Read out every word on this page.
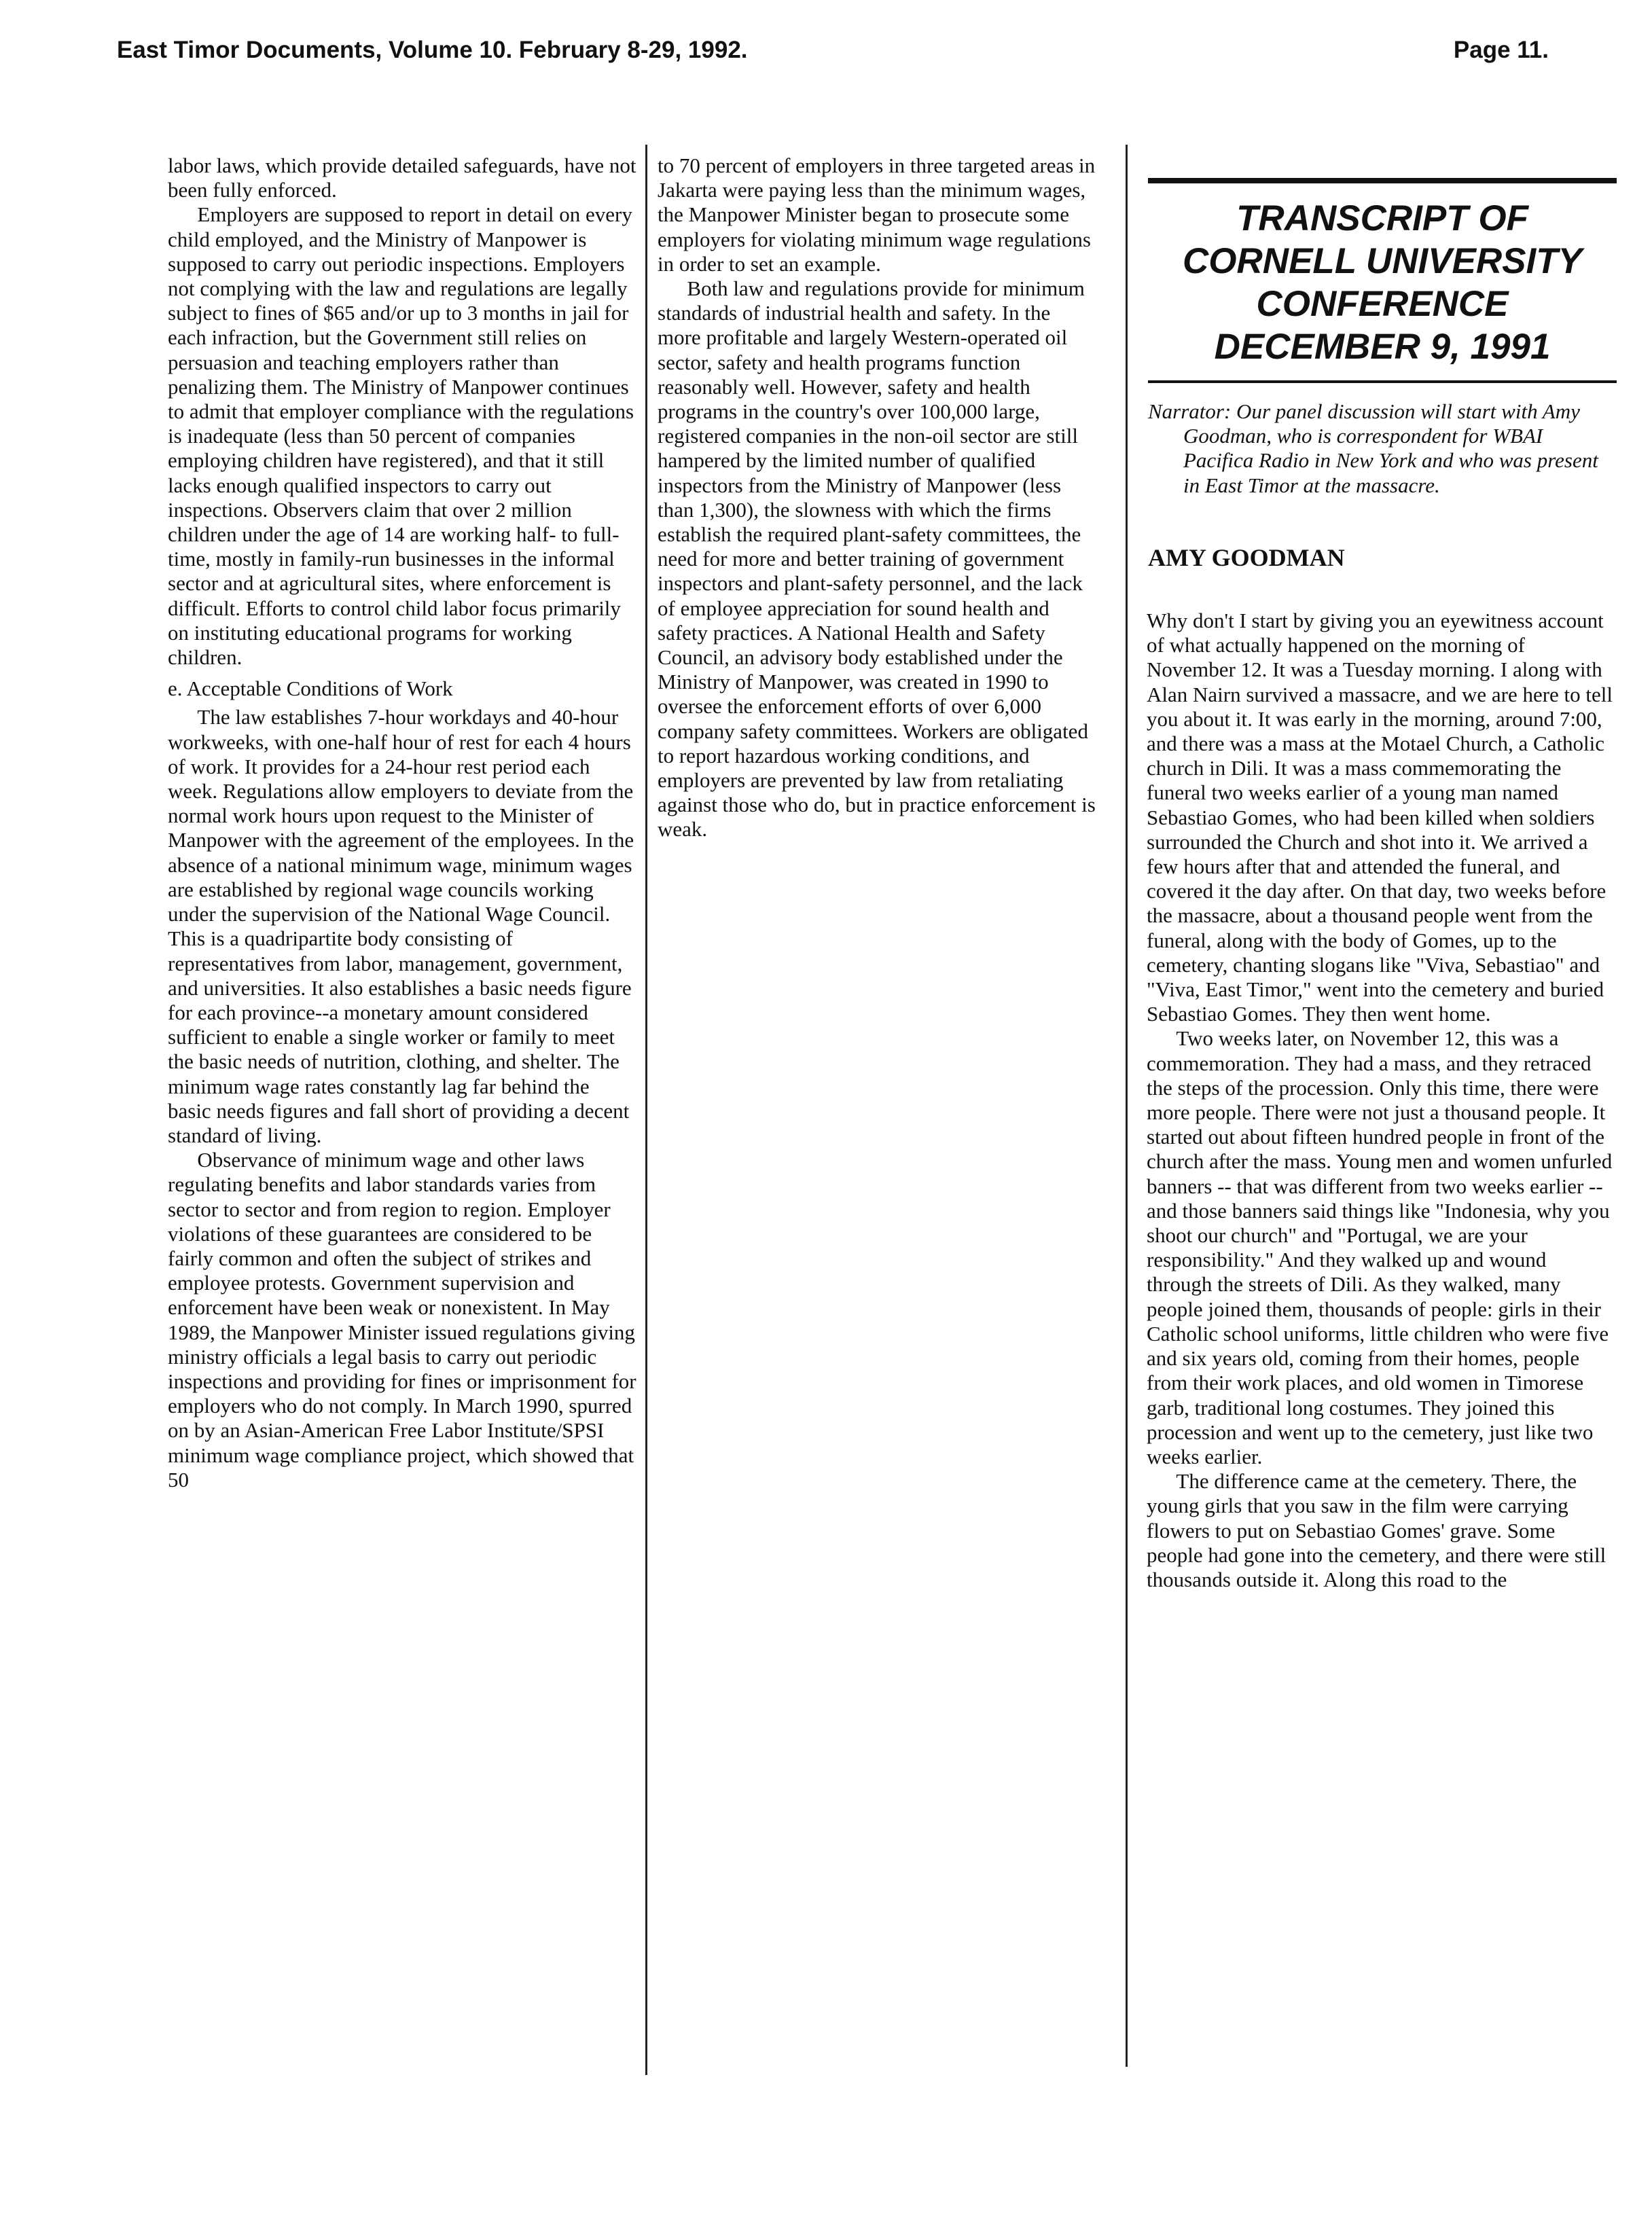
East Timor Documents, Volume 10. February 8-29, 1992.	Page 11.

labor laws, which provide detailed safeguards, have not been fully enforced.

Employers are supposed to report in detail on every child employed, and the Ministry of Manpower is supposed to carry out periodic inspections. Employers not complying with the law and regulations are legally subject to fines of $65 and/or up to 3 months in jail for each infraction, but the Government still relies on persuasion and teaching employers rather than penalizing them. The Ministry of Manpower continues to admit that employer compliance with the regulations is inadequate (less than 50 percent of companies employing children have registered), and that it still lacks enough qualified inspectors to carry out inspections. Observers claim that over 2 million children under the age of 14 are working half- to full-time, mostly in family-run businesses in the informal sector and at agricultural sites, where enforcement is difficult. Efforts to control child labor focus primarily on instituting educational programs for working children.

e. Acceptable Conditions of Work

The law establishes 7-hour workdays and 40-hour workweeks, with one-half hour of rest for each 4 hours of work. It provides for a 24-hour rest period each week. Regulations allow employers to deviate from the normal work hours upon request to the Minister of Manpower with the agreement of the employees. In the absence of a national minimum wage, minimum wages are established by regional wage councils working under the supervision of the National Wage Council. This is a quadripartite body consisting of representatives from labor, management, government, and universities. It also establishes a basic needs figure for each province--a monetary amount considered sufficient to enable a single worker or family to meet the basic needs of nutrition, clothing, and shelter. The minimum wage rates constantly lag far behind the basic needs figures and fall short of providing a decent standard of living.

Observance of minimum wage and other laws regulating benefits and labor standards varies from sector to sector and from region to region. Employer violations of these guarantees are considered to be fairly common and often the subject of strikes and employee protests. Government supervision and enforcement have been weak or nonexistent. In May 1989, the Manpower Minister issued regulations giving ministry officials a legal basis to carry out periodic inspections and providing for fines or imprisonment for employers who do not comply. In March 1990, spurred on by an Asian-American Free Labor Institute/SPSI minimum wage compliance project, which showed that 50

to 70 percent of employers in three targeted areas in Jakarta were paying less than the minimum wages, the Manpower Minister began to prosecute some employers for violating minimum wage regulations in order to set an example.

Both law and regulations provide for minimum standards of industrial health and safety. In the more profitable and largely Western-operated oil sector, safety and health programs function reasonably well. However, safety and health programs in the country's over 100,000 large, registered companies in the non-oil sector are still hampered by the limited number of qualified inspectors from the Ministry of Manpower (less than 1,300), the slowness with which the firms establish the required plant-safety committees, the need for more and better training of government inspectors and plant-safety personnel, and the lack of employee appreciation for sound health and safety practices. A National Health and Safety Council, an advisory body established under the Ministry of Manpower, was created in 1990 to oversee the enforcement efforts of over 6,000 company safety committees. Workers are obligated to report hazardous working conditions, and employers are prevented by law from retaliating against those who do, but in practice enforcement is weak.

TRANSCRIPT OF
CORNELL UNIVERSITY
CONFERENCE
DECEMBER 9, 1991

Narrator: Our panel discussion will start with Amy Goodman, who is correspondent for WBAI Pacifica Radio in New York and who was present in East Timor at the massacre.

AMY GOODMAN

Why don't I start by giving you an eyewitness account of what actually happened on the morning of November 12. It was a Tuesday morning. I along with Alan Nairn survived a massacre, and we are here to tell you about it. It was early in the morning, around 7:00, and there was a mass at the Motael Church, a Catholic church in Dili. It was a mass commemorating the funeral two weeks earlier of a young man named Sebastiao Gomes, who had been killed when soldiers surrounded the Church and shot into it. We arrived a few hours after that and attended the funeral, and covered it the day after. On that day, two weeks before the massacre, about a thousand people went from the funeral, along with the body of Gomes, up to the cemetery, chanting slogans like "Viva, Sebastiao" and "Viva, East Timor," went into the cemetery and buried Sebastiao Gomes. They then went home.

Two weeks later, on November 12, this was a commemoration. They had a mass, and they retraced the steps of the procession. Only this time, there were more people. There were not just a thousand people. It started out about fifteen hundred people in front of the church after the mass. Young men and women unfurled banners -- that was different from two weeks earlier -- and those banners said things like "Indonesia, why you shoot our church" and "Portugal, we are your responsibility." And they walked up and wound through the streets of Dili. As they walked, many people joined them, thousands of people: girls in their Catholic school uniforms, little children who were five and six years old, coming from their homes, people from their work places, and old women in Timorese garb, traditional long costumes. They joined this procession and went up to the cemetery, just like two weeks earlier.

The difference came at the cemetery. There, the young girls that you saw in the film were carrying flowers to put on Sebastiao Gomes' grave. Some people had gone into the cemetery, and there were still thousands outside it. Along this road to the
